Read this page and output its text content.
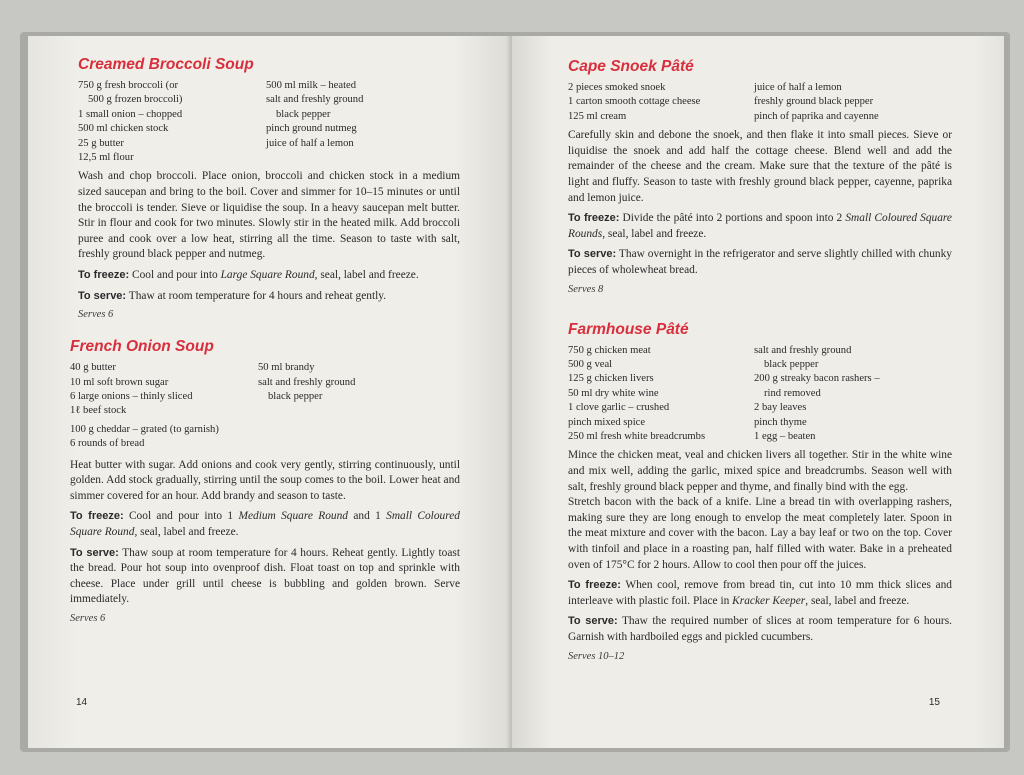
Creamed Broccoli Soup
750 g fresh broccoli (or
500 g frozen broccoli)
1 small onion – chopped
500 ml chicken stock
25 g butter
12,5 ml flour
500 ml milk – heated
salt and freshly ground
black pepper
pinch ground nutmeg
juice of half a lemon

Wash and chop broccoli. Place onion, broccoli and chicken stock in a medium sized saucepan and bring to the boil. Cover and simmer for 10–15 minutes or until the broccoli is tender. Sieve or liquidise the soup. In a heavy saucepan melt butter. Stir in flour and cook for two minutes. Slowly stir in the heated milk. Add broccoli puree and cook over a low heat, stirring all the time. Season to taste with salt, freshly ground black pepper and nutmeg.

To freeze: Cool and pour into Large Square Round, seal, label and freeze.

To serve: Thaw at room temperature for 4 hours and reheat gently.

Serves 6
French Onion Soup
40 g butter
10 ml soft brown sugar
6 large onions – thinly sliced
1ℓ beef stock
50 ml brandy
salt and freshly ground
black pepper
100 g cheddar – grated (to garnish)
6 rounds of bread

Heat butter with sugar. Add onions and cook very gently, stirring continuously, until golden. Add stock gradually, stirring until the soup comes to the boil. Lower heat and simmer covered for an hour. Add brandy and season to taste.

To freeze: Cool and pour into 1 Medium Square Round and 1 Small Coloured Square Round, seal, label and freeze.

To serve: Thaw soup at room temperature for 4 hours. Reheat gently. Lightly toast the bread. Pour hot soup into ovenproof dish. Float toast on top and sprinkle with cheese. Place under grill until cheese is bubbling and golden brown. Serve immediately.

Serves 6
14
Cape Snoek Pâté
2 pieces smoked snoek
1 carton smooth cottage cheese
125 ml cream
juice of half a lemon
freshly ground black pepper
pinch of paprika and cayenne

Carefully skin and debone the snoek, and then flake it into small pieces. Sieve or liquidise the snoek and add half the cottage cheese. Blend well and add the remainder of the cheese and the cream. Make sure that the texture of the pâté is light and fluffy. Season to taste with freshly ground black pepper, cayenne, paprika and lemon juice.

To freeze: Divide the pâté into 2 portions and spoon into 2 Small Coloured Square Rounds, seal, label and freeze.

To serve: Thaw overnight in the refrigerator and serve slightly chilled with chunky pieces of wholewheat bread.

Serves 8
Farmhouse Pâté
750 g chicken meat
500 g veal
125 g chicken livers
50 ml dry white wine
1 clove garlic – crushed
pinch mixed spice
250 ml fresh white breadcrumbs
salt and freshly ground
black pepper
200 g streaky bacon rashers –
rind removed
2 bay leaves
pinch thyme
1 egg – beaten

Mince the chicken meat, veal and chicken livers all together. Stir in the white wine and mix well, adding the garlic, mixed spice and breadcrumbs. Season well with salt, freshly ground black pepper and thyme, and finally bind with the egg.

Stretch bacon with the back of a knife. Line a bread tin with overlapping rashers, making sure they are long enough to envelop the meat completely later. Spoon in the meat mixture and cover with the bacon. Lay a bay leaf or two on the top. Cover with tinfoil and place in a roasting pan, half filled with water. Bake in a preheated oven of 175°C for 2 hours. Allow to cool then pour off the juices.

To freeze: When cool, remove from bread tin, cut into 10 mm thick slices and interleave with plastic foil. Place in Kracker Keeper, seal, label and freeze.

To serve: Thaw the required number of slices at room temperature for 6 hours. Garnish with hardboiled eggs and pickled cucumbers.

Serves 10–12
15
